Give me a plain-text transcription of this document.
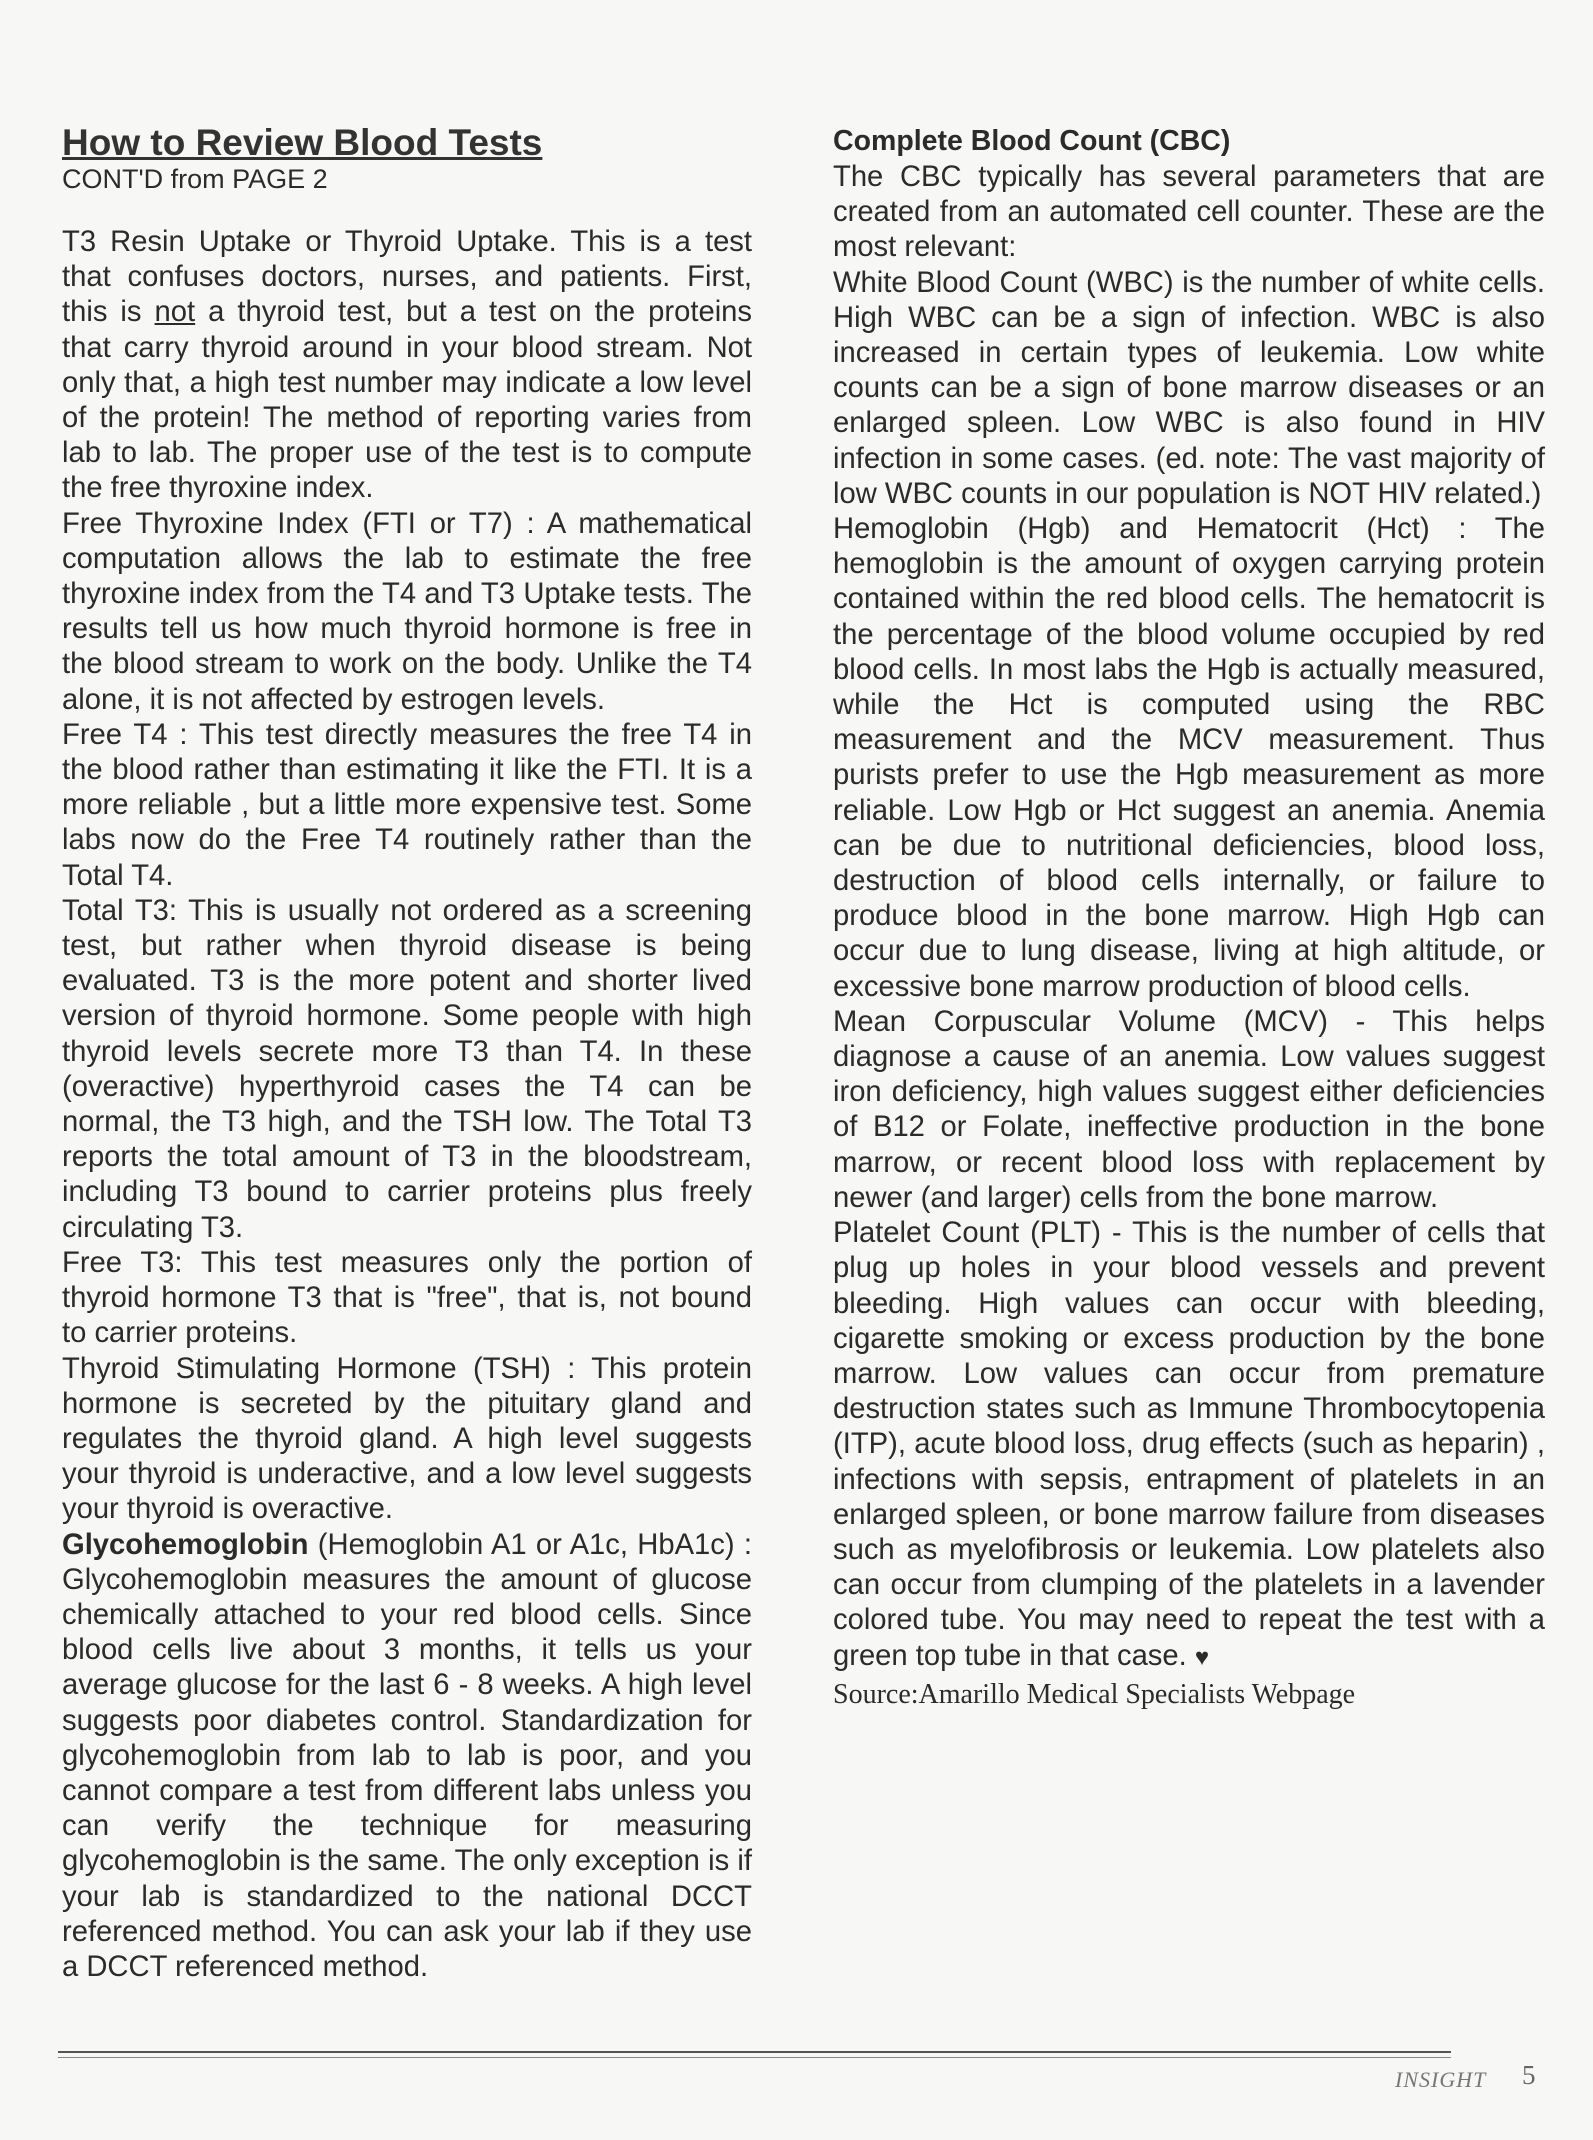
How to Review Blood Tests
CONT'D from PAGE 2

T3 Resin Uptake or Thyroid Uptake. This is a test that confuses doctors, nurses, and patients. First, this is not a thyroid test, but a test on the proteins that carry thyroid around in your blood stream. Not only that, a high test number may indicate a low level of the protein! The method of reporting varies from lab to lab. The proper use of the test is to compute the free thyroxine index.

Free Thyroxine Index (FTI or T7) : A mathematical computation allows the lab to estimate the free thyroxine index from the T4 and T3 Uptake tests. The results tell us how much thyroid hormone is free in the blood stream to work on the body. Unlike the T4 alone, it is not affected by estrogen levels.

Free T4 : This test directly measures the free T4 in the blood rather than estimating it like the FTI. It is a more reliable , but a little more expensive test. Some labs now do the Free T4 routinely rather than the Total T4.

Total T3: This is usually not ordered as a screening test, but rather when thyroid disease is being evaluated. T3 is the more potent and shorter lived version of thyroid hormone. Some people with high thyroid levels secrete more T3 than T4. In these (overactive) hyperthyroid cases the T4 can be normal, the T3 high, and the TSH low. The Total T3 reports the total amount of T3 in the bloodstream, including T3 bound to carrier proteins plus freely circulating T3.

Free T3: This test measures only the portion of thyroid hormone T3 that is "free", that is, not bound to carrier proteins.

Thyroid Stimulating Hormone (TSH) : This protein hormone is secreted by the pituitary gland and regulates the thyroid gland. A high level suggests your thyroid is underactive, and a low level suggests your thyroid is overactive.

Glycohemoglobin (Hemoglobin A1 or A1c, HbA1c) : Glycohemoglobin measures the amount of glucose chemically attached to your red blood cells. Since blood cells live about 3 months, it tells us your average glucose for the last 6 - 8 weeks. A high level suggests poor diabetes control. Standardization for glycohemoglobin from lab to lab is poor, and you cannot compare a test from different labs unless you can verify the technique for measuring glycohemoglobin is the same. The only exception is if your lab is standardized to the national DCCT referenced method. You can ask your lab if they use a DCCT referenced method.

Complete Blood Count (CBC)

The CBC typically has several parameters that are created from an automated cell counter. These are the most relevant:

White Blood Count (WBC) is the number of white cells. High WBC can be a sign of infection. WBC is also increased in certain types of leukemia. Low white counts can be a sign of bone marrow diseases or an enlarged spleen. Low WBC is also found in HIV infection in some cases. (ed. note: The vast majority of low WBC counts in our population is NOT HIV related.)

Hemoglobin (Hgb) and Hematocrit (Hct) : The hemoglobin is the amount of oxygen carrying protein contained within the red blood cells. The hematocrit is the percentage of the blood volume occupied by red blood cells. In most labs the Hgb is actually measured, while the Hct is computed using the RBC measurement and the MCV measurement. Thus purists prefer to use the Hgb measurement as more reliable. Low Hgb or Hct suggest an anemia. Anemia can be due to nutritional deficiencies, blood loss, destruction of blood cells internally, or failure to produce blood in the bone marrow. High Hgb can occur due to lung disease, living at high altitude, or excessive bone marrow production of blood cells.

Mean Corpuscular Volume (MCV) - This helps diagnose a cause of an anemia. Low values suggest iron deficiency, high values suggest either deficiencies of B12 or Folate, ineffective production in the bone marrow, or recent blood loss with replacement by newer (and larger) cells from the bone marrow.

Platelet Count (PLT) - This is the number of cells that plug up holes in your blood vessels and prevent bleeding. High values can occur with bleeding, cigarette smoking or excess production by the bone marrow. Low values can occur from premature destruction states such as Immune Thrombocytopenia (ITP), acute blood loss, drug effects (such as heparin) , infections with sepsis, entrapment of platelets in an enlarged spleen, or bone marrow failure from diseases such as myelofibrosis or leukemia. Low platelets also can occur from clumping of the platelets in a lavender colored tube. You may need to repeat the test with a green top tube in that case. ♥

Source:Amarillo Medical Specialists Webpage
INSIGHT 5
